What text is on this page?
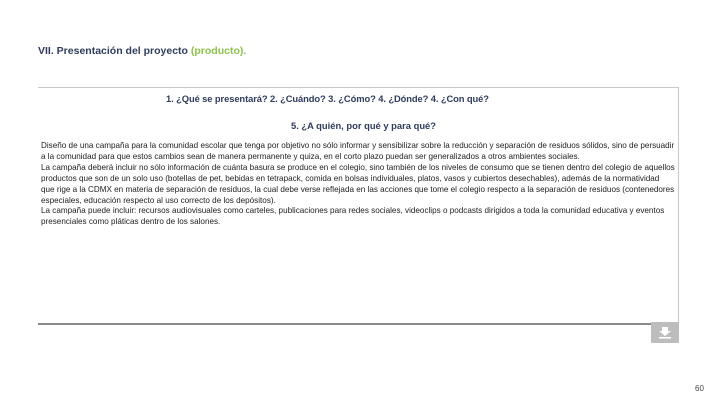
VII. Presentación del proyecto (producto).
1. ¿Qué se presentará? 2. ¿Cuándo? 3. ¿Cómo? 4. ¿Dónde? 4. ¿Con qué?
5. ¿A quién, por qué y para qué?

Diseño de una campaña para la comunidad escolar que tenga por objetivo no sólo informar y sensibilizar sobre la reducción y separación de residuos sólidos, sino de persuadir a la comunidad para que estos cambios sean de manera permanente y quiza, en el corto plazo puedan ser generalizados a otros ambientes sociales.

La campaña deberá incluir no sólo información de cuánta basura se produce en el colegio, sino también de los niveles de consumo que se tienen dentro del colegio de aquellos productos que son de un solo uso (botellas de pet, bebidas en tetrapack, comida en bolsas individuales, platos, vasos y cubiertos desechables), además de la normatividad que rige a la CDMX en materia de separación de residuos, la cual debe verse reflejada en las acciones que tome el colegio respecto a la separación de residuos (contenedores especiales, educación respecto al uso correcto de los depósitos).

La campaña puede incluir: recursos audiovisuales como carteles, publicaciones para redes sociales, videoclips o podcasts dirigidos a toda la comunidad educativa y eventos presenciales como pláticas dentro de los salones.

60
